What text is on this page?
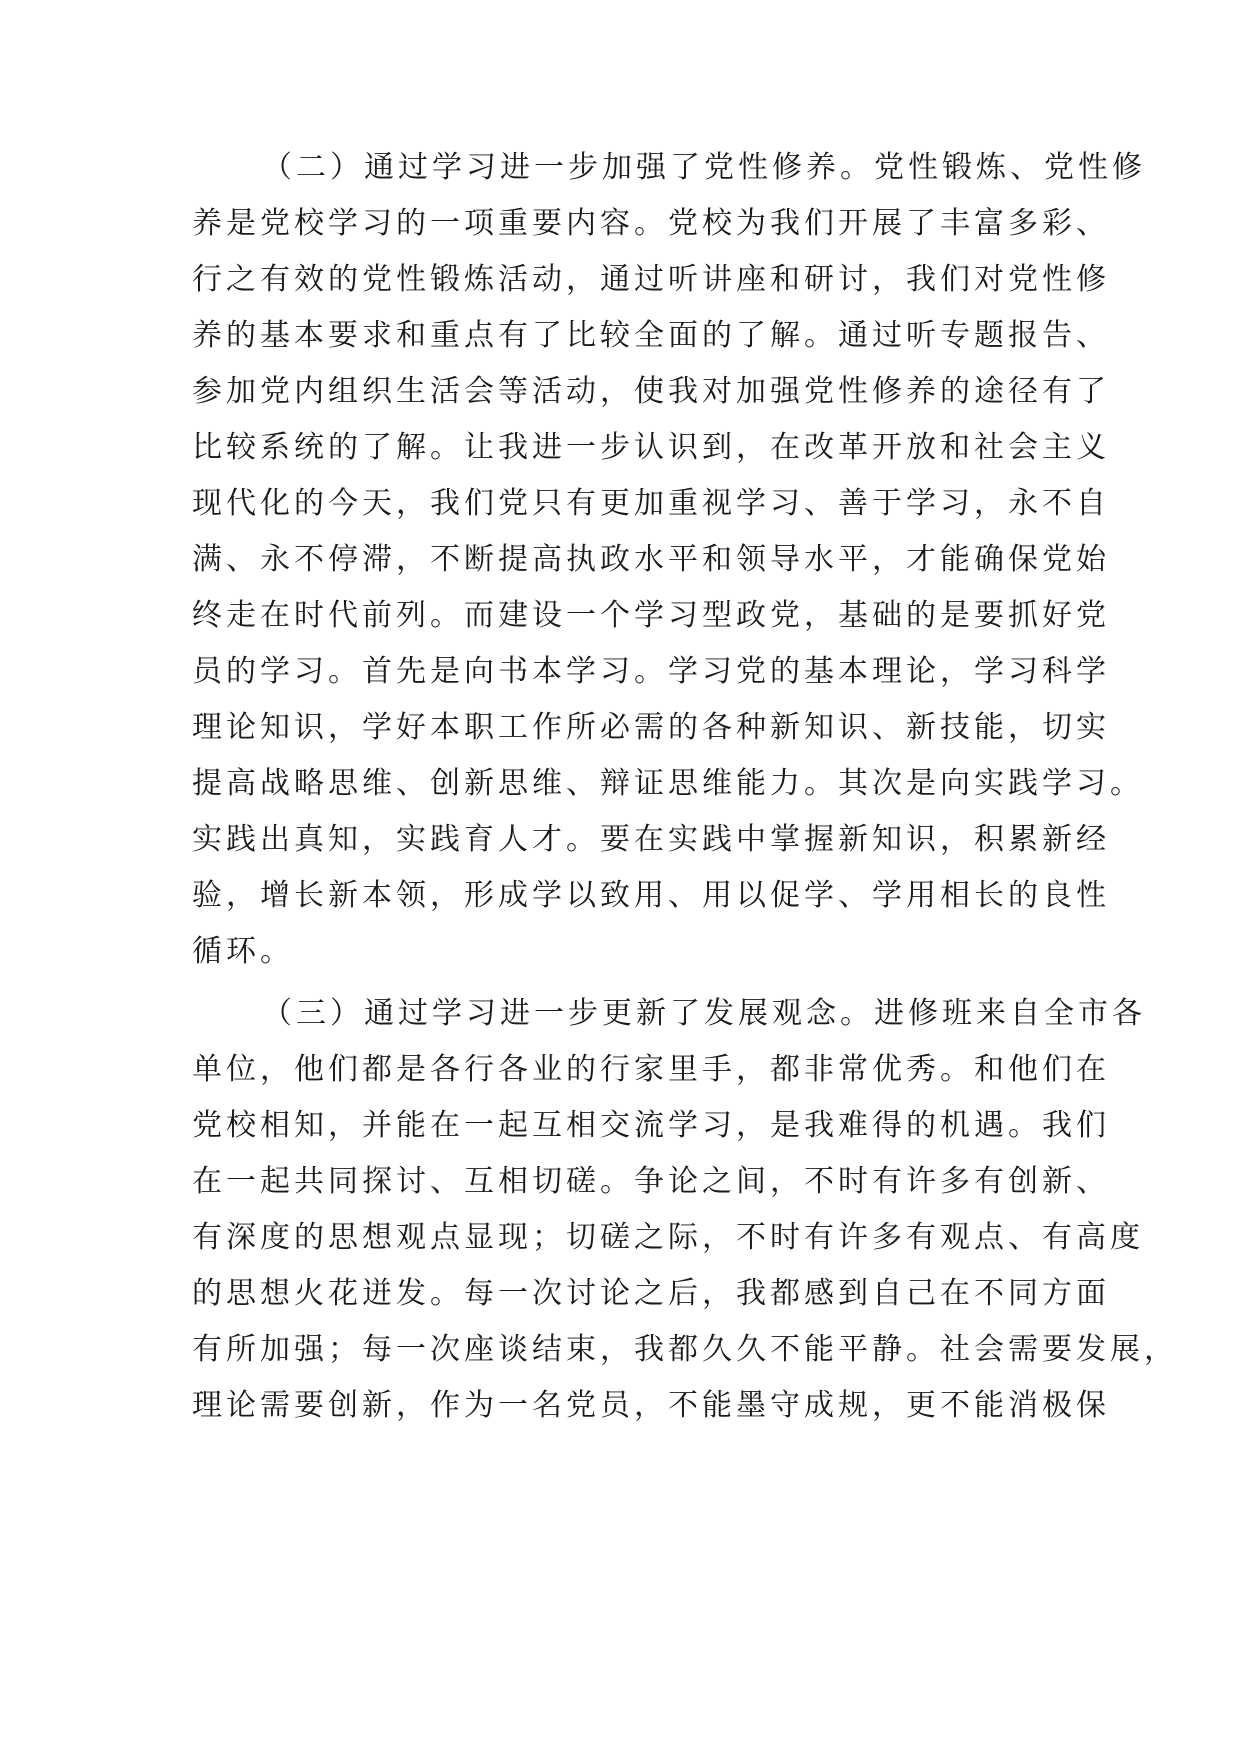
（二）通过学习进一步加强了党性修养。党性锻炼、党性修
养是党校学习的一项重要内容。党校为我们开展了丰富多彩、
行之有效的党性锻炼活动，通过听讲座和研讨，我们对党性修
养的基本要求和重点有了比较全面的了解。通过听专题报告、
参加党内组织生活会等活动，使我对加强党性修养的途径有了
比较系统的了解。让我进一步认识到，在改革开放和社会主义
现代化的今天，我们党只有更加重视学习、善于学习，永不自
满、永不停滞，不断提高执政水平和领导水平，才能确保党始
终走在时代前列。而建设一个学习型政党，基础的是要抓好党
员的学习。首先是向书本学习。学习党的基本理论，学习科学
理论知识，学好本职工作所必需的各种新知识、新技能，切实
提高战略思维、创新思维、辩证思维能力。其次是向实践学习。
实践出真知，实践育人才。要在实践中掌握新知识，积累新经
验，增长新本领，形成学以致用、用以促学、学用相长的良性
循环。
（三）通过学习进一步更新了发展观念。进修班来自全市各
单位，他们都是各行各业的行家里手，都非常优秀。和他们在
党校相知，并能在一起互相交流学习，是我难得的机遇。我们
在一起共同探讨、互相切磋。争论之间，不时有许多有创新、
有深度的思想观点显现；切磋之际，不时有许多有观点、有高度
的思想火花迸发。每一次讨论之后，我都感到自己在不同方面
有所加强；每一次座谈结束，我都久久不能平静。社会需要发展，
理论需要创新，作为一名党员，不能墨守成规，更不能消极保
